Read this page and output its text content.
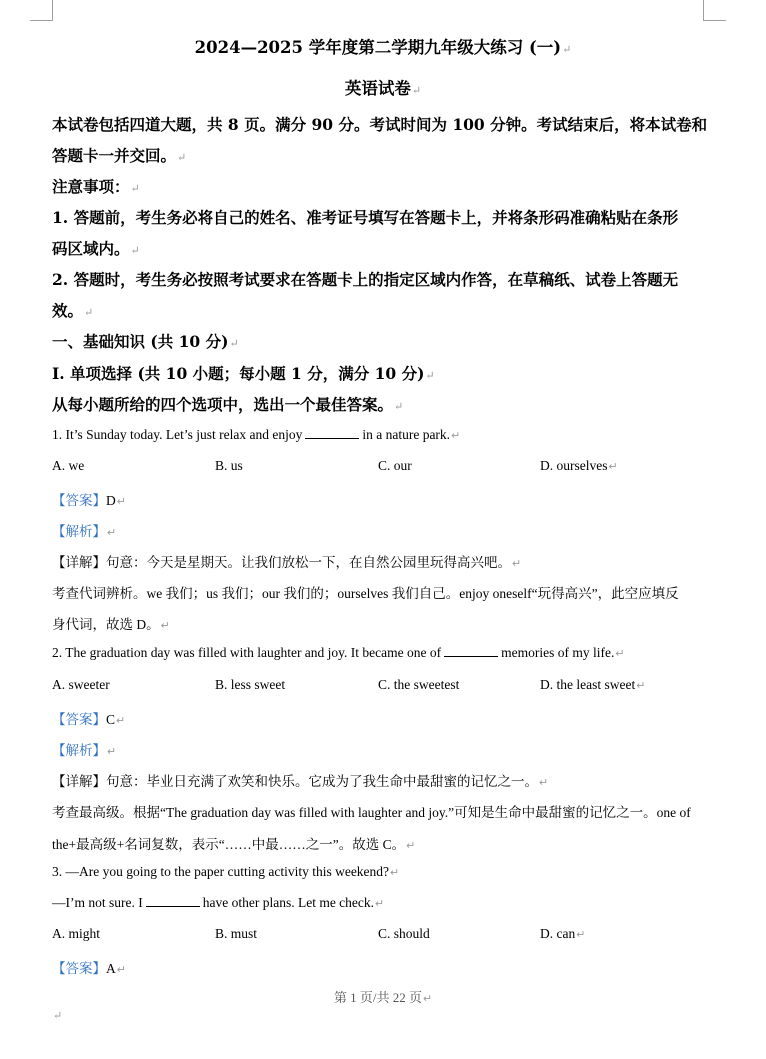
2024—2025 学年度第二学期九年级大练习 (一)↵
英语试卷↵
本试卷包括四道大题，共 8 页。满分 90 分。考试时间为 100 分钟。考试结束后，将本试卷和
答题卡一并交回。↵
注意事项：↵
1. 答题前，考生务必将自己的姓名、准考证号填写在答题卡上，并将条形码准确粘贴在条形
码区域内。↵
2. 答题时，考生务必按照考试要求在答题卡上的指定区域内作答，在草稿纸、试卷上答题无
效。↵
一、基础知识 (共 10 分)↵
I. 单项选择 (共 10 小题；每小题 1 分，满分 10 分)↵
从每小题所给的四个选项中，选出一个最佳答案。↵
1. It’s Sunday today. Let’s just relax and enjoy	in a nature park.↵
A. we	B. us	C. our	D. ourselves↵
【答案】D↵
【解析】↵
【详解】句意：今天是星期天。让我们放松一下，在自然公园里玩得高兴吧。↵
考查代词辨析。we 我们；us 我们；our 我们的；ourselves 我们自己。enjoy oneself“玩得高兴”，此空应填反
身代词，故选 D。↵
2. The graduation day was filled with laughter and joy. It became one of	memories of my life.↵
A. sweeter	B. less sweet	C. the sweetest	D. the least sweet↵
【答案】C↵
【解析】↵
【详解】句意：毕业日充满了欢笑和快乐。它成为了我生命中最甜蜜的记忆之一。↵
考查最高级。根据“The graduation day was filled with laughter and joy.”可知是生命中最甜蜜的记忆之一。one of
the+最高级+名词复数，表示“……中最……之一”。故选 C。↵
3. —Are you going to the paper cutting activity this weekend?↵
—I’m not sure. I	have other plans. Let me check.↵
A. might	B. must	C. should	D. can↵
【答案】A↵
第 1 页/共 22 页↵
↵
